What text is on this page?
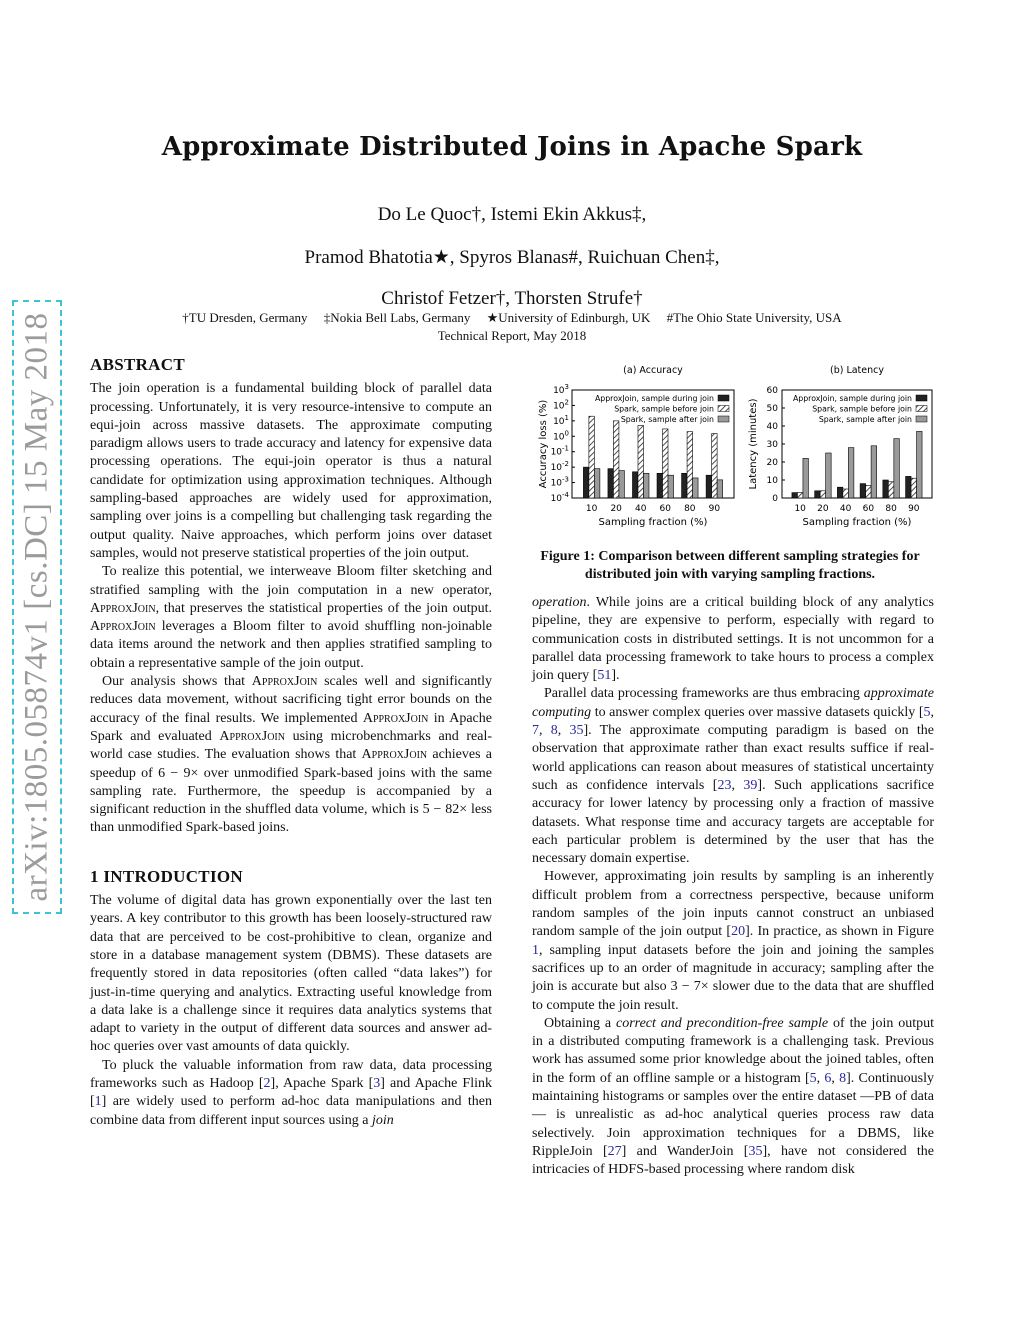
arXiv:1805.05874v1 [cs.DC] 15 May 2018
Approximate Distributed Joins in Apache Spark
Do Le Quoc†, Istemi Ekin Akkus‡,
Pramod Bhatotia★, Spyros Blanas#, Ruichuan Chen‡,
Christof Fetzer†, Thorsten Strufe†
†TU Dresden, Germany     ‡Nokia Bell Labs, Germany     ★University of Edinburgh, UK     #The Ohio State University, USA
Technical Report, May 2018
ABSTRACT

The join operation is a fundamental building block of parallel data processing. Unfortunately, it is very resource-intensive to compute an equi-join across massive datasets. The approximate computing paradigm allows users to trade accuracy and latency for expensive data processing operations. The equi-join operator is thus a natural candidate for optimization using approximation techniques. Although sampling-based approaches are widely used for approximation, sampling over joins is a compelling but challenging task regarding the output quality. Naive approaches, which perform joins over dataset samples, would not preserve statistical properties of the join output.

To realize this potential, we interweave Bloom filter sketching and stratified sampling with the join computation in a new operator, ApproxJoin, that preserves the statistical properties of the join output. ApproxJoin leverages a Bloom filter to avoid shuffling non-joinable data items around the network and then applies stratified sampling to obtain a representative sample of the join output.

Our analysis shows that ApproxJoin scales well and significantly reduces data movement, without sacrificing tight error bounds on the accuracy of the final results. We implemented ApproxJoin in Apache Spark and evaluated ApproxJoin using microbenchmarks and real-world case studies. The evaluation shows that ApproxJoin achieves a speedup of 6 − 9× over unmodified Spark-based joins with the same sampling rate. Furthermore, the speedup is accompanied by a significant reduction in the shuffled data volume, which is 5 − 82× less than unmodified Spark-based joins.

1 INTRODUCTION

The volume of digital data has grown exponentially over the last ten years. A key contributor to this growth has been loosely-structured raw data that are perceived to be cost-prohibitive to clean, organize and store in a database management system (DBMS). These datasets are frequently stored in data repositories (often called “data lakes”) for just-in-time querying and analytics. Extracting useful knowledge from a data lake is a challenge since it requires data analytics systems that adapt to variety in the output of different data sources and answer ad-hoc queries over vast amounts of data quickly.

To pluck the valuable information from raw data, data processing frameworks such as Hadoop [2], Apache Spark [3] and Apache Flink [1] are widely used to perform ad-hoc data manipulations and then combine data from different input sources using a join

(a) Accuracy
$10^{-4}$
$10^{-3}$
$10^{-2}$
$10^{-1}$
$10^0$
$10^1$
$10^2$
$10^3$
10 20 40 60 80 90
Sampling fraction (%)
Accuracy loss (%)
ApproxJoin, sample during join
Spark, sample before join
Spark, sample after join
(b) Latency
0
10
20
30
40
50
60
10 20 40 60 80 90
Sampling fraction (%)
Latency (minutes)	ApproxJoin, sample during join
Spark, sample before join
Spark, sample after join
Figure 1: Comparison between different sampling strategies for distributed join with varying sampling fractions.

operation. While joins are a critical building block of any analytics pipeline, they are expensive to perform, especially with regard to communication costs in distributed settings. It is not uncommon for a parallel data processing framework to take hours to process a complex join query [51].

Parallel data processing frameworks are thus embracing approximate computing to answer complex queries over massive datasets quickly [5, 7, 8, 35]. The approximate computing paradigm is based on the observation that approximate rather than exact results suffice if real-world applications can reason about measures of statistical uncertainty such as confidence intervals [23, 39]. Such applications sacrifice accuracy for lower latency by processing only a fraction of massive datasets. What response time and accuracy targets are acceptable for each particular problem is determined by the user that has the necessary domain expertise.

However, approximating join results by sampling is an inherently difficult problem from a correctness perspective, because uniform random samples of the join inputs cannot construct an unbiased random sample of the join output [20]. In practice, as shown in Figure 1, sampling input datasets before the join and joining the samples sacrifices up to an order of magnitude in accuracy; sampling after the join is accurate but also 3 − 7× slower due to the data that are shuffled to compute the join result.

Obtaining a correct and precondition-free sample of the join output in a distributed computing framework is a challenging task. Previous work has assumed some prior knowledge about the joined tables, often in the form of an offline sample or a histogram [5, 6, 8]. Continuously maintaining histograms or samples over the entire dataset —PB of data— is unrealistic as ad-hoc analytical queries process raw data selectively. Join approximation techniques for a DBMS, like RippleJoin [27] and WanderJoin [35], have not considered the intricacies of HDFS-based processing where random disk
